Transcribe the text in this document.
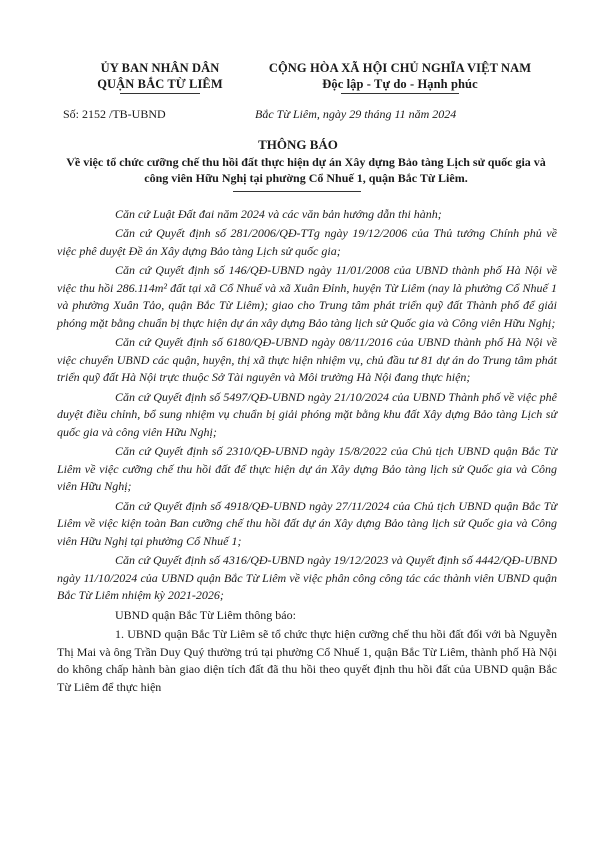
ỦY BAN NHÂN DÂN
QUẬN BẮC TỪ LIÊM
CỘNG HÒA XÃ HỘI CHỦ NGHĨA VIỆT NAM
Độc lập - Tự do - Hạnh phúc
Số: 2152 /TB-UBND	Bắc Từ Liêm, ngày 29 tháng 11 năm 2024
THÔNG BÁO
Về việc tổ chức cưỡng chế thu hồi đất thực hiện dự án Xây dựng Bảo tàng Lịch sử quốc gia và công viên Hữu Nghị tại phường Cổ Nhuế 1, quận Bắc Từ Liêm.

Căn cứ Luật Đất đai năm 2024 và các văn bản hướng dẫn thi hành;

Căn cứ Quyết định số 281/2006/QĐ-TTg ngày 19/12/2006 của Thủ tướng Chính phủ về việc phê duyệt Đề án Xây dựng Bảo tàng Lịch sử quốc gia;

Căn cứ Quyết định số 146/QĐ-UBND ngày 11/01/2008 của UBND thành phố Hà Nội về việc thu hồi 286.114m² đất tại xã Cổ Nhuế và xã Xuân Đỉnh, huyện Từ Liêm (nay là phường Cổ Nhuế 1 và phường Xuân Tảo, quận Bắc Từ Liêm); giao cho Trung tâm phát triển quỹ đất Thành phố để giải phóng mặt bằng chuẩn bị thực hiện dự án xây dựng Bảo tàng lịch sử Quốc gia và Công viên Hữu Nghị;

Căn cứ Quyết định số 6180/QĐ-UBND ngày 08/11/2016 của UBND thành phố Hà Nội về việc chuyển UBND các quận, huyện, thị xã thực hiện nhiệm vụ, chủ đầu tư 81 dự án do Trung tâm phát triển quỹ đất Hà Nội trực thuộc Sở Tài nguyên và Môi trường Hà Nội đang thực hiện;

Căn cứ Quyết định số 5497/QĐ-UBND ngày 21/10/2024 của UBND Thành phố về việc phê duyệt điều chỉnh, bổ sung nhiệm vụ chuẩn bị giải phóng mặt bằng khu đất Xây dựng Bảo tàng Lịch sử quốc gia và công viên Hữu Nghị;

Căn cứ Quyết định số 2310/QĐ-UBND ngày 15/8/2022 của Chủ tịch UBND quận Bắc Từ Liêm về việc cưỡng chế thu hồi đất để thực hiện dự án Xây dựng Bảo tàng lịch sử Quốc gia và Công viên Hữu Nghị;

Căn cứ Quyết định số 4918/QĐ-UBND ngày 27/11/2024 của Chủ tịch UBND quận Bắc Từ Liêm về việc kiện toàn Ban cưỡng chế thu hồi đất dự án Xây dựng Bảo tàng lịch sử Quốc gia và Công viên Hữu Nghị tại phường Cổ Nhuế 1;

Căn cứ Quyết định số 4316/QĐ-UBND ngày 19/12/2023 và Quyết định số 4442/QĐ-UBND ngày 11/10/2024 của UBND quận Bắc Từ Liêm về việc phân công công tác các thành viên UBND quận Bắc Từ Liêm nhiệm kỳ 2021-2026;

UBND quận Bắc Từ Liêm thông báo:

1. UBND quận Bắc Từ Liêm sẽ tổ chức thực hiện cưỡng chế thu hồi đất đối với bà Nguyễn Thị Mai và ông Trần Duy Quý thường trú tại phường Cổ Nhuế 1, quận Bắc Từ Liêm, thành phố Hà Nội do không chấp hành bàn giao diện tích đất đã thu hồi theo quyết định thu hồi đất của UBND quận Bắc Từ Liêm để thực hiện
